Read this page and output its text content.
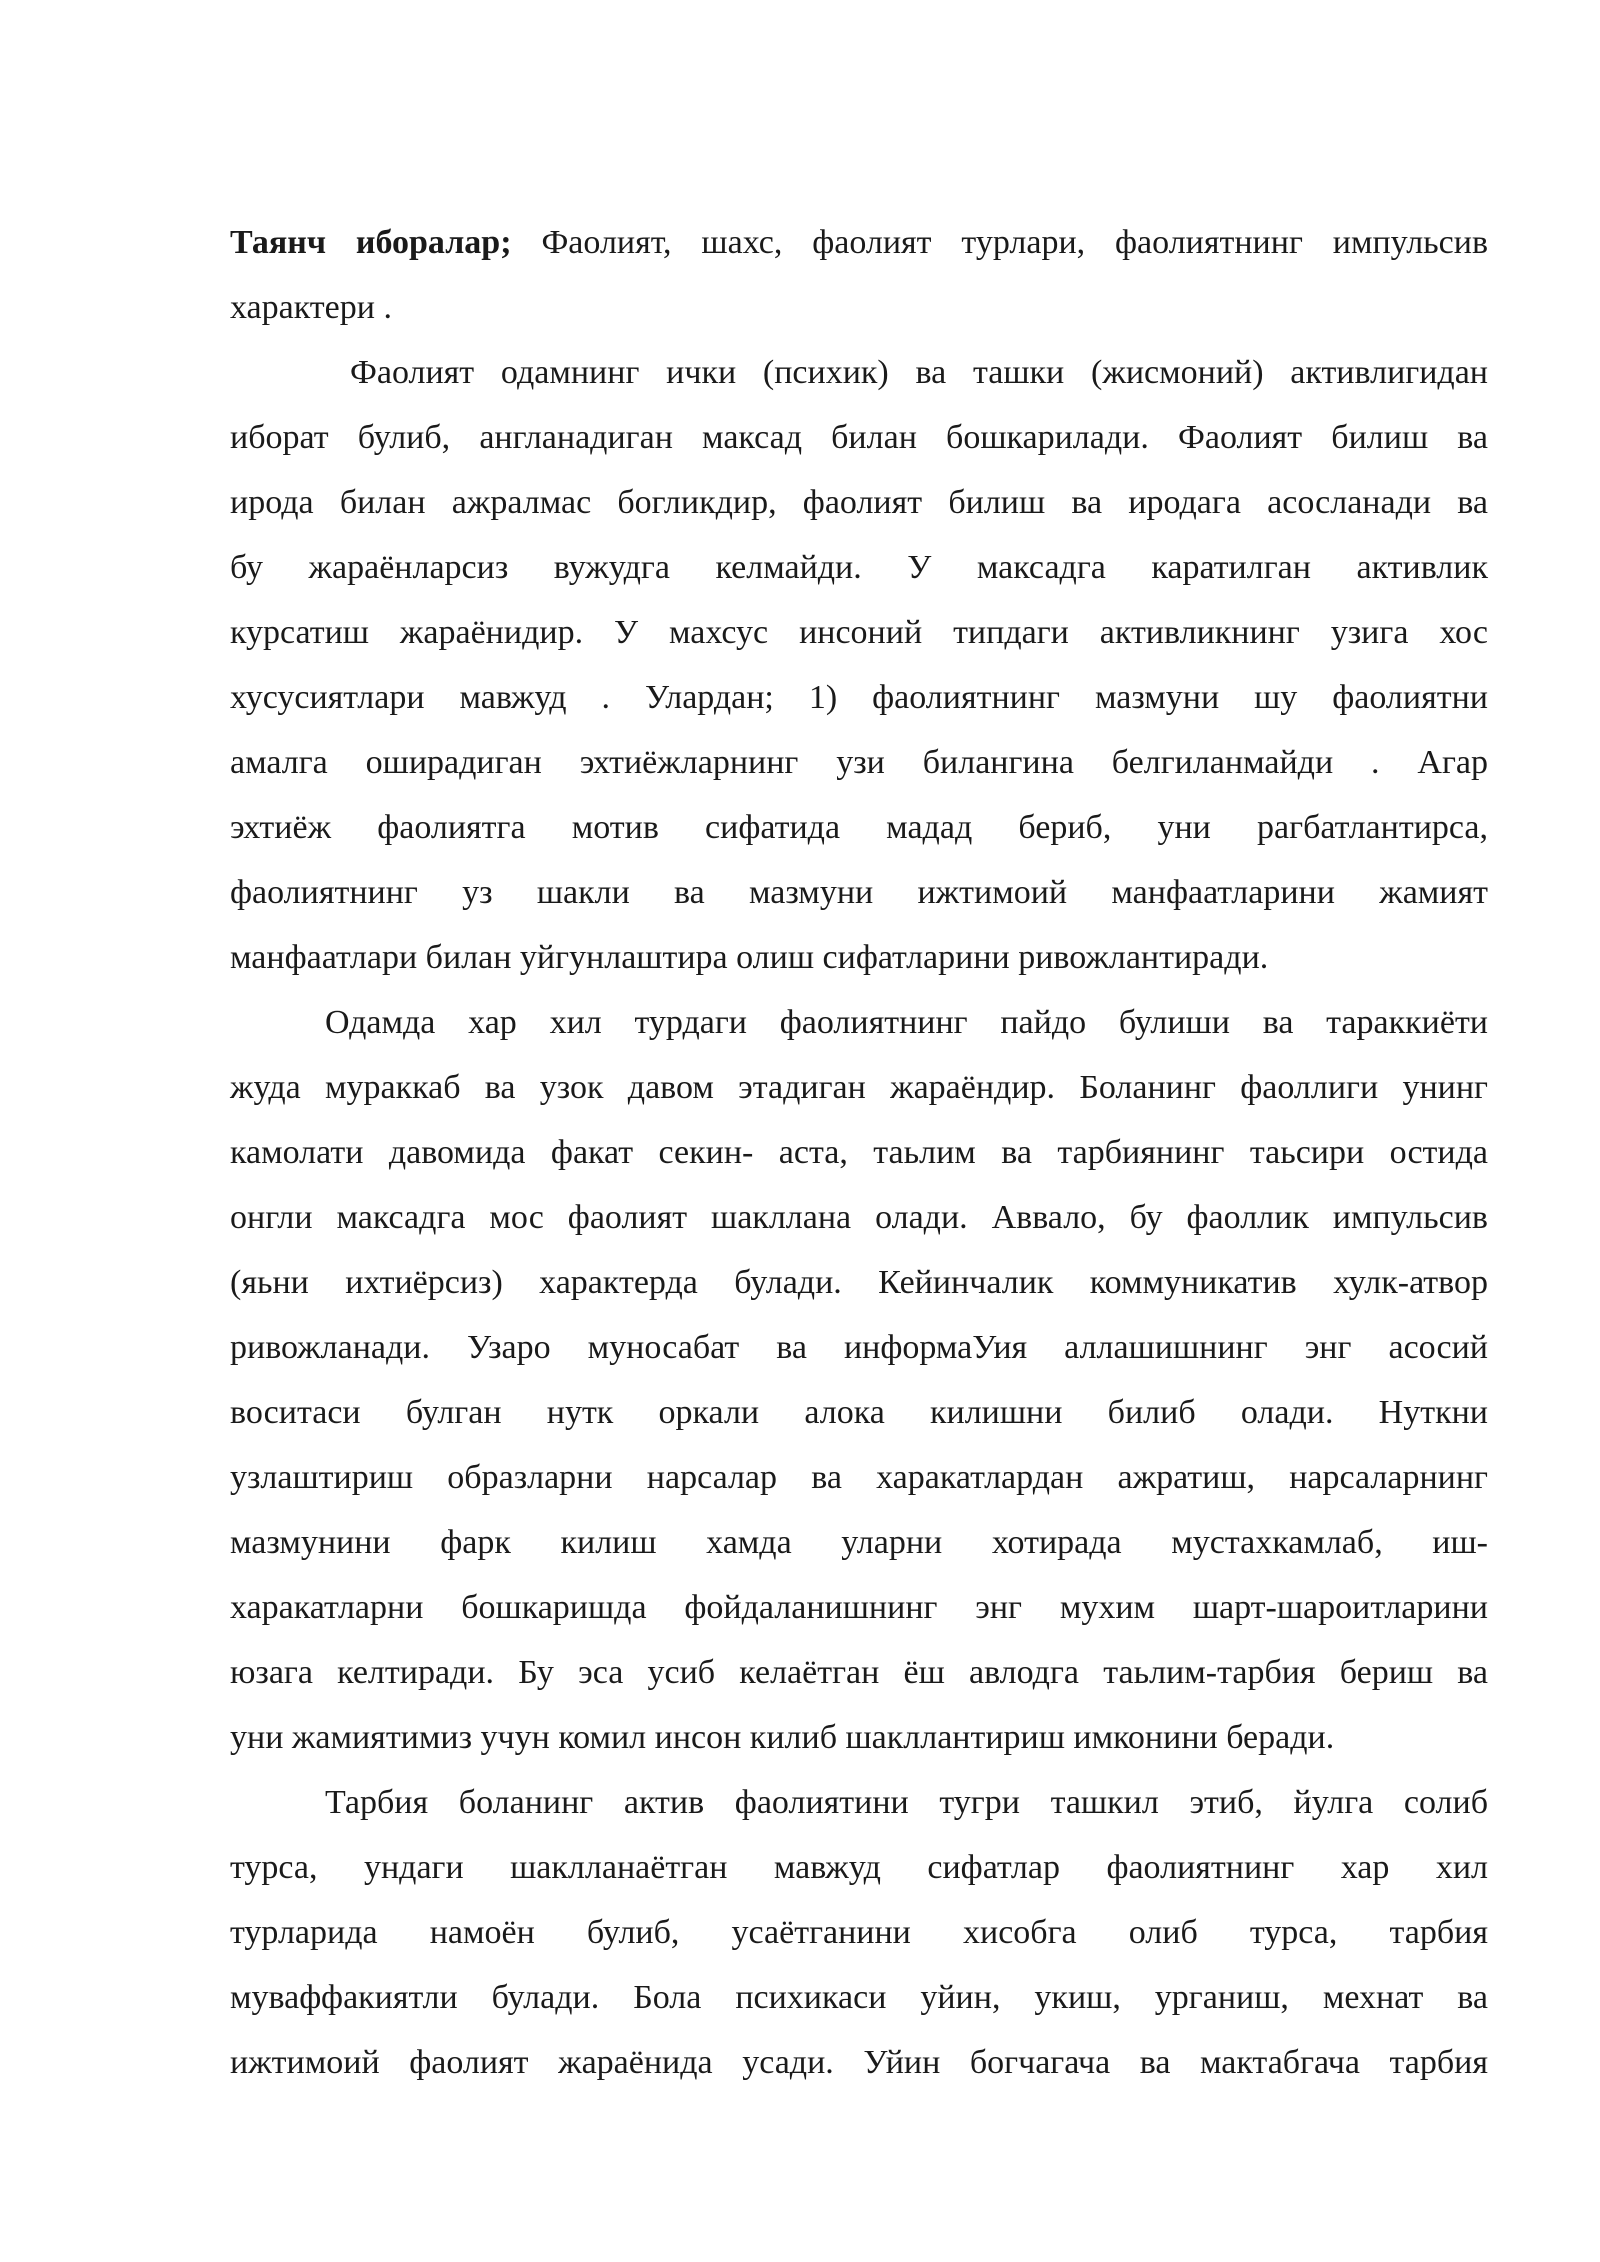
Таянч иборалар; Фаолият, шахс, фаолият турлари, фаолиятнинг импульсив
характери .
Фаолият одамнинг ички (психик) ва ташки (жисмоний) активлигидан
иборат булиб, англанадиган максад билан бошкарилади. Фаолият билиш ва
ирода билан ажралмас богликдир, фаолият билиш ва иродага асосланади ва
бу жараёнларсиз вужудга келмайди. У максадга каратилган активлик
курсатиш жараёнидир. У махсус инсоний типдаги активликнинг узига хос
хусусиятлари мавжуд . Улардан; 1) фаолиятнинг мазмуни шу фаолиятни
амалга оширадиган эхтиёжларнинг узи билангина белгиланмайди . Агар
эхтиёж фаолиятга мотив сифатида мадад бериб, уни рагбатлантирса,
фаолиятнинг уз шакли ва мазмуни ижтимоий манфаатларини жамият
манфаатлари билан уйгунлаштира олиш сифатларини ривожлантиради.
Одамда хар хил турдаги фаолиятнинг пайдо булиши ва тараккиёти
жуда мураккаб ва узок давом этадиган жараёндир. Боланинг фаоллиги унинг
камолати давомида факат секин- аста, таьлим ва тарбиянинг таьсири остида
онгли максадга мос фаолият шакллана олади. Аввало, бу фаоллик импульсив
(яьни ихтиёрсиз) характерда булади. Кейинчалик коммуникатив хулк-атвор
ривожланади. Узаро муносабат ва информаУия аллашишнинг энг асосий
воситаси булган нутк оркали алока килишни билиб олади. Нуткни
узлаштириш образларни нарсалар ва харакатлардан ажратиш, нарсаларнинг
мазмунини фарк килиш хамда уларни хотирада мустахкамлаб, иш-
харакатларни бошкаришда фойдаланишнинг энг мухим шарт-шароитларини
юзага келтиради. Бу эса усиб келаётган ёш авлодга таьлим-тарбия бериш ва
уни жамиятимиз учун комил инсон килиб шакллантириш имконини беради.
Тарбия боланинг актив фаолиятини тугри ташкил этиб, йулга солиб
турса, ундаги шаклланаётган мавжуд сифатлар фаолиятнинг хар хил
турларида намоён булиб, усаётганини хисобга олиб турса, тарбия
муваффакиятли булади. Бола психикаси уйин, укиш, урганиш, мехнат ва
ижтимоий фаолият жараёнида усади. Уйин богчагача ва мактабгача тарбия
